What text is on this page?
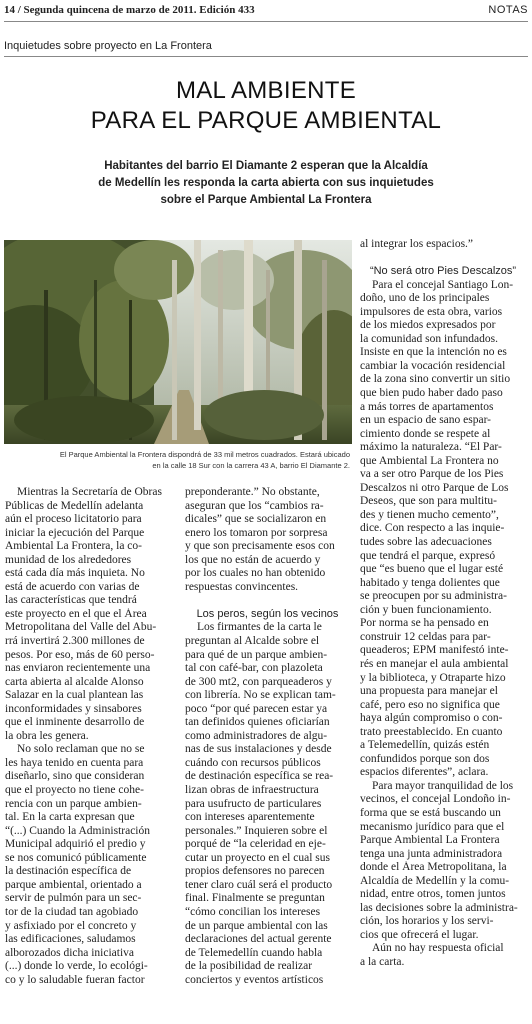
14 / Segunda quincena de marzo de 2011. Edición 433	NOTAS
Inquietudes sobre proyecto en La Frontera
MAL AMBIENTE
PARA EL PARQUE AMBIENTAL
Habitantes del barrio El Diamante 2 esperan que la Alcaldía
de Medellín les responda la carta abierta con sus inquietudes
sobre el Parque Ambiental La Frontera
El Parque Ambiental la Frontera dispondrá de 33 mil metros cuadrados. Estará ubicado
en la calle 18 Sur con la carrera 43 A, barrio El Diamante 2.
Mientras la Secretaría de Obras
Públicas de Medellín adelanta
aún el proceso licitatorio para
iniciar la ejecución del Parque
Ambiental La Frontera, la co-
munidad de los alrededores
está cada día más inquieta. No
está de acuerdo con varias de
las características que tendrá
este proyecto en el que el Área
Metropolitana del Valle del Abu-
rrá invertirá 2.300 millones de
pesos. Por eso, más de 60 perso-
nas enviaron recientemente una
carta abierta al alcalde Alonso
Salazar en la cual plantean las
inconformidades y sinsabores
que el inminente desarrollo de
la obra les genera.
No solo reclaman que no se
les haya tenido en cuenta para
diseñarlo, sino que consideran
que el proyecto no tiene cohe-
rencia con un parque ambien-
tal. En la carta expresan que
“(...) Cuando la Administración
Municipal adquirió el predio y
se nos comunicó públicamente
la destinación específica de
parque ambiental, orientado a
servir de pulmón para un sec-
tor de la ciudad tan agobiado
y asfixiado por el concreto y
las edificaciones, saludamos
alborozados dicha iniciativa
(...) donde lo verde, lo ecológi-
co y lo saludable fueran factor
preponderante.” No obstante,
aseguran que los “cambios ra-
dicales” que se socializaron en
enero los tomaron por sorpresa
y que son precisamente esos con
los que no están de acuerdo y
por los cuales no han obtenido
respuestas convincentes.
Los peros, según los vecinos
Los firmantes de la carta le
preguntan al Alcalde sobre el
para qué de un parque ambien-
tal con café-bar, con plazoleta
de 300 mt2, con parqueaderos y
con librería. No se explican tam-
poco “por qué parecen estar ya
tan definidos quienes oficiarían
como administradores de algu-
nas de sus instalaciones y desde
cuándo con recursos públicos
de destinación específica se rea-
lizan obras de infraestructura
para usufructo de particulares
con intereses aparentemente
personales.” Inquieren sobre el
porqué de “la celeridad en eje-
cutar un proyecto en el cual sus
propios defensores no parecen
tener claro cuál será el producto
final. Finalmente se preguntan
“cómo concilian los intereses
de un parque ambiental con las
declaraciones del actual gerente
de Telemedellín cuando habla
de la posibilidad de realizar
conciertos y eventos artísticos
al integrar los espacios.”
“No será otro Pies Descalzos”
Para el concejal Santiago Lon-
doño, uno de los principales
impulsores de esta obra, varios
de los miedos expresados por
la comunidad son infundados.
Insiste en que la intención no es
cambiar la vocación residencial
de la zona sino convertir un sitio
que bien pudo haber dado paso
a más torres de apartamentos
en un espacio de sano espar-
cimiento donde se respete al
máximo la naturaleza. “El Par-
que Ambiental La Frontera no
va a ser otro Parque de los Pies
Descalzos ni otro Parque de Los
Deseos, que son para multitu-
des y tienen mucho cemento”,
dice. Con respecto a las inquie-
tudes sobre las adecuaciones
que tendrá el parque, expresó
que “es bueno que el lugar esté
habitado y tenga dolientes que
se preocupen por su administra-
ción y buen funcionamiento.
Por norma se ha pensado en
construir 12 celdas para par-
queaderos; EPM manifestó inte-
rés en manejar el aula ambiental
y la biblioteca, y Otraparte hizo
una propuesta para manejar el
café, pero eso no significa que
haya algún compromiso o con-
trato preestablecido. En cuanto
a Telemedellín, quizás estén
confundidos porque son dos
espacios diferentes”, aclara.
Para mayor tranquilidad de los
vecinos, el concejal Londoño in-
forma que se está buscando un
mecanismo jurídico para que el
Parque Ambiental La Frontera
tenga una junta administradora
donde el Área Metropolitana, la
Alcaldía de Medellín y la comu-
nidad, entre otros, tomen juntos
las decisiones sobre la administra-
ción, los horarios y los servi-
cios que ofrecerá el lugar.
Aún no hay respuesta oficial
a la carta.
